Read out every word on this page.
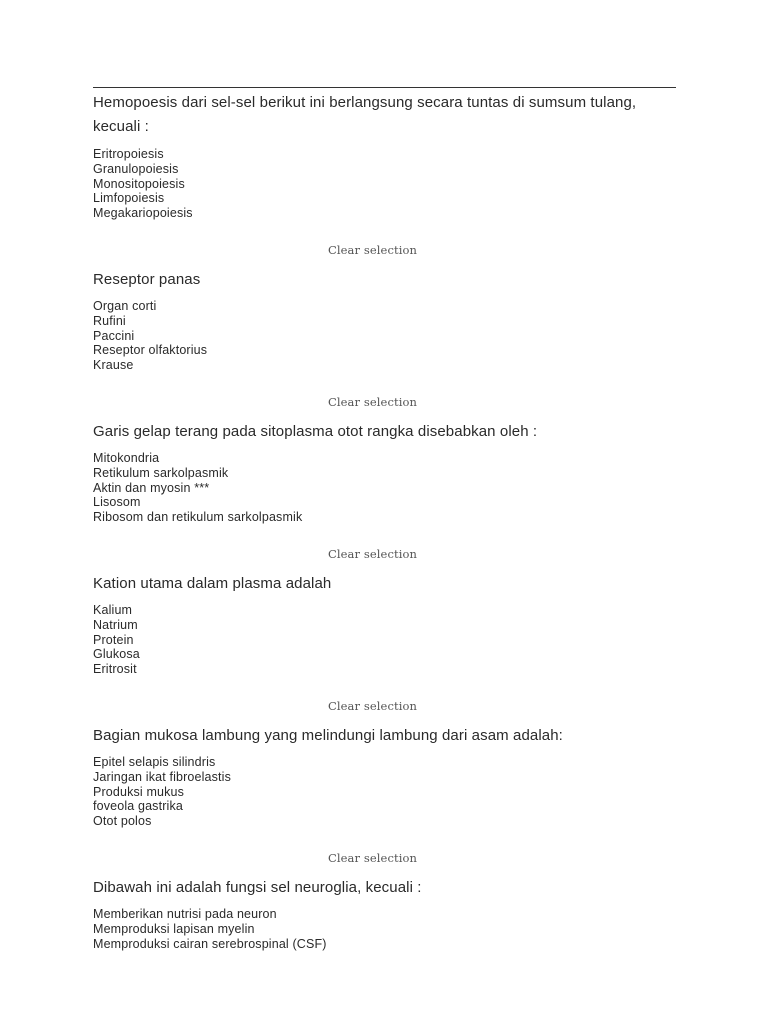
Hemopoesis dari sel-sel berikut ini berlangsung secara tuntas di sumsum tulang, kecuali :
Eritropoiesis
Granulopoiesis
Monositopoiesis
Limfopoiesis
Megakariopoiesis
Clear selection
Reseptor panas
Organ corti
Rufini
Paccini
Reseptor olfaktorius
Krause
Clear selection
Garis gelap terang pada sitoplasma otot rangka disebabkan oleh :
Mitokondria
Retikulum sarkolpasmik
Aktin dan myosin ***
Lisosom
Ribosom dan retikulum sarkolpasmik
Clear selection
Kation utama dalam plasma adalah
Kalium
Natrium
Protein
Glukosa
Eritrosit
Clear selection
Bagian mukosa lambung yang melindungi lambung dari asam adalah:
Epitel selapis silindris
Jaringan ikat fibroelastis
Produksi mukus
foveola gastrika
Otot polos
Clear selection
Dibawah ini adalah fungsi sel neuroglia, kecuali :
Memberikan nutrisi pada neuron
Memproduksi lapisan myelin
Memproduksi cairan serebrospinal (CSF)
